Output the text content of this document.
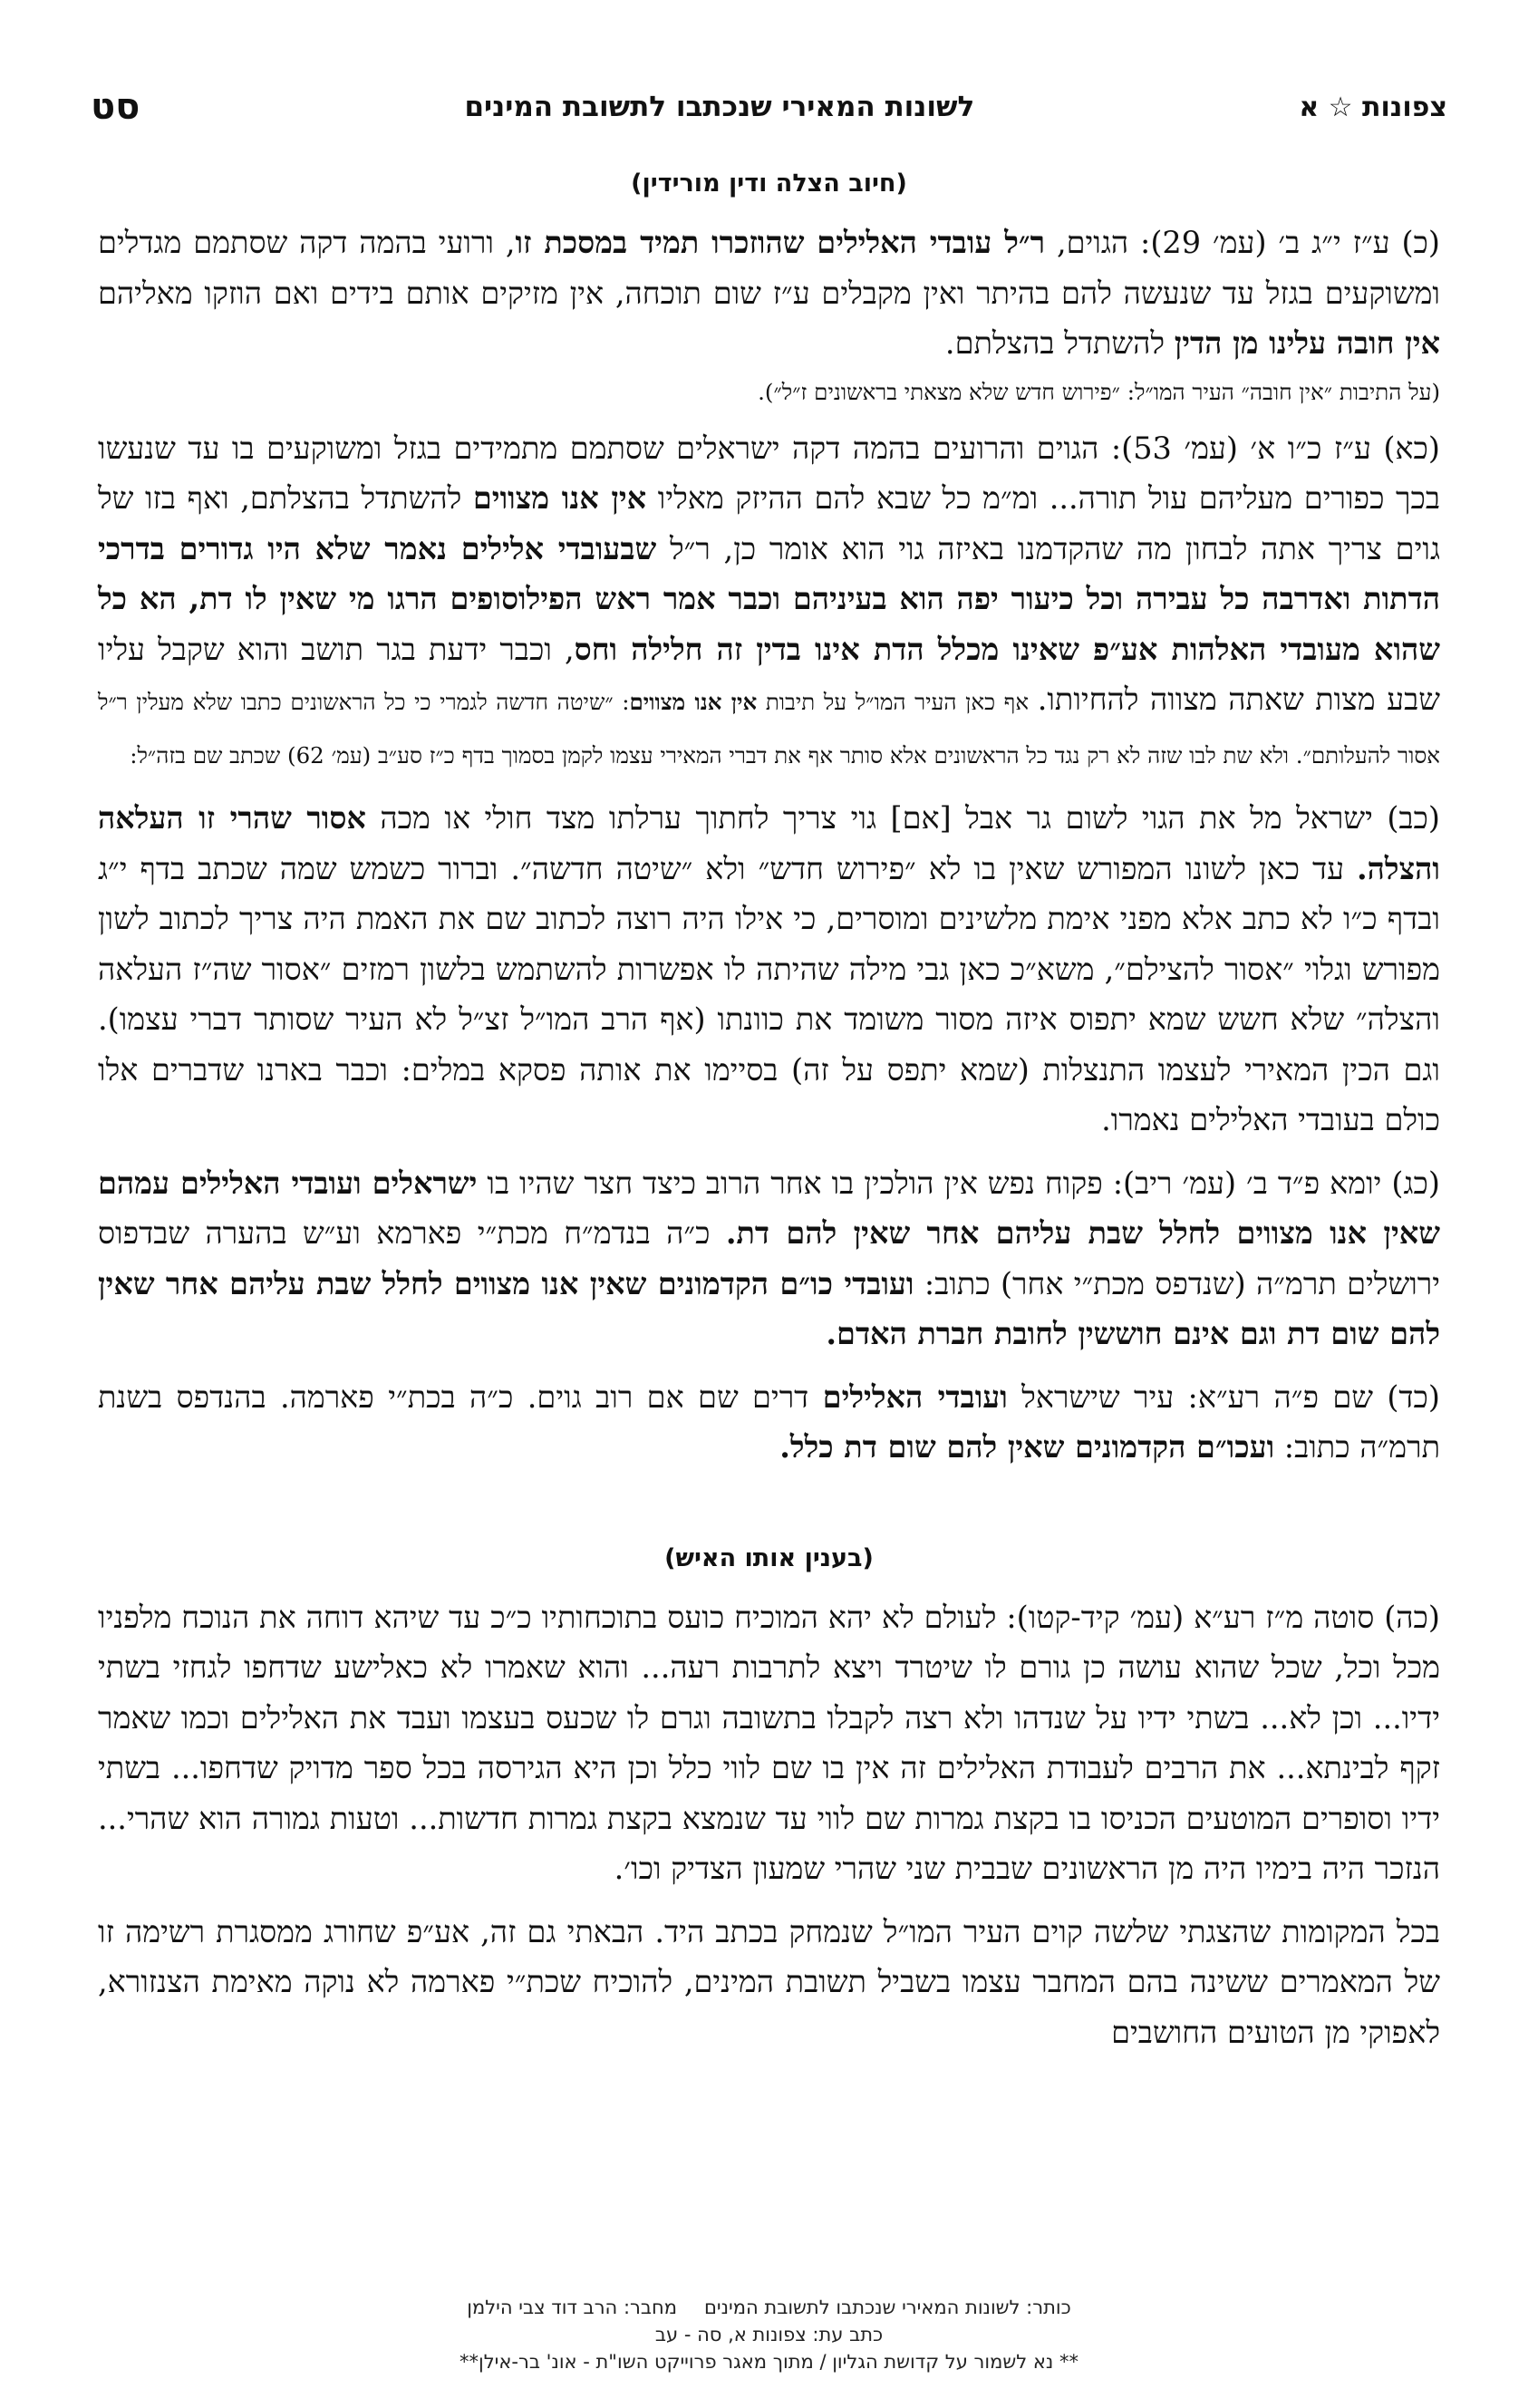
צפונות ☆ א
לשונות המאירי שנכתבו לתשובת המינים
סט
(חיוב הצלה ודין מורידין)

(כ) ע״ז י״ג ב׳ (עמ׳ 29): הגוים, ר״ל עובדי האלילים שהוזכרו תמיד במסכת זו, ורועי בהמה דקה שסתמם מגדלים ומשוקעים בגזל עד שנעשה להם בהיתר ואין מקבלים ע״ז שום תוכחה, אין מזיקים אותם בידים ואם הוזקו מאליהם אין חובה עלינו מן הדין להשתדל בהצלתם.

(על התיבות ״אין חובה״ העיר המו״ל: ״פירוש חדש שלא מצאתי בראשונים ז״ל״).

(כא) ע״ז כ״ו א׳ (עמ׳ 53): הגוים והרועים בהמה דקה ישראלים שסתמם מתמידים בגזל ומשוקעים בו עד שנעשו בכך כפורים מעליהם עול תורה... ומ״מ כל שבא להם ההיזק מאליו אין אנו מצווים להשתדל בהצלתם, ואף בזו של גוים צריך אתה לבחון מה שהקדמנו באיזה גוי הוא אומר כן, ר״ל שבעובדי אלילים נאמר שלא היו גדורים בדרכי הדתות ואדרבה כל עבירה וכל כיעור יפה הוא בעיניהם וכבר אמר ראש הפילוסופים הרגו מי שאין לו דת, הא כל שהוא מעובדי האלהות אע״פ שאינו מכלל הדת אינו בדין זה חלילה וחס, וכבר ידעת בגר תושב והוא שקבל עליו שבע מצות שאתה מצווה להחיותו. אף כאן העיר המו״ל על תיבות אין אנו מצווים: ״שיטה חדשה לגמרי כי כל הראשונים כתבו שלא מעלין ר״ל אסור להעלותם״. ולא שת לבו שזה לא רק נגד כל הראשונים אלא סותר אף את דברי המאירי עצמו לקמן בסמוך בדף כ״ז סע״ב (עמ׳ 62) שכתב שם בזה״ל:

(כב) ישראל מל את הגוי לשום גר אבל [אם] גוי צריך לחתוך ערלתו מצד חולי או מכה אסור שהרי זו העלאה והצלה. עד כאן לשונו המפורש שאין בו לא ״פירוש חדש״ ולא ״שיטה חדשה״. וברור כשמש שמה שכתב בדף י״ג ובדף כ״ו לא כתב אלא מפני אימת מלשינים ומוסרים, כי אילו היה רוצה לכתוב שם את האמת היה צריך לכתוב לשון מפורש וגלוי ״אסור להצילם״, משא״כ כאן גבי מילה שהיתה לו אפשרות להשתמש בלשון רמזים ״אסור שה״ז העלאה והצלה״ שלא חשש שמא יתפוס איזה מסור משומד את כוונתו (אף הרב המו״ל זצ״ל לא העיר שסותר דברי עצמו). וגם הכין המאירי לעצמו התנצלות (שמא יתפס על זה) בסיימו את אותה פסקא במלים: וכבר בארנו שדברים אלו כולם בעובדי האלילים נאמרו.

(כג) יומא פ״ד ב׳ (עמ׳ ריב): פקוח נפש אין הולכין בו אחר הרוב כיצד חצר שהיו בו ישראלים ועובדי האלילים עמהם שאין אנו מצווים לחלל שבת עליהם אחר שאין להם דת. כ״ה בנדמ״ח מכת״י פארמא וע״ש בהערה שבדפוס ירושלים תרמ״ה (שנדפס מכת״י אחר) כתוב: ועובדי כו״ם הקדמונים שאין אנו מצווים לחלל שבת עליהם אחר שאין להם שום דת וגם אינם חוששין לחובת חברת האדם.

(כד) שם פ״ה רע״א: עיר שישראל ועובדי האלילים דרים שם אם רוב גוים. כ״ה בכת״י פארמה. בהנדפס בשנת תרמ״ה כתוב: ועכו״ם הקדמונים שאין להם שום דת כלל.

(בענין אותו האיש)

(כה) סוטה מ״ז רע״א (עמ׳ קיד-קטו): לעולם לא יהא המוכיח כועס בתוכחותיו כ״כ עד שיהא דוחה את הנוכח מלפניו מכל וכל, שכל שהוא עושה כן גורם לו שיטרד ויצא לתרבות רעה... והוא שאמרו לא כאלישע שדחפו לגחזי בשתי ידיו... וכן לא... בשתי ידיו על שנדהו ולא רצה לקבלו בתשובה וגרם לו שכעס בעצמו ועבד את האלילים וכמו שאמר זקף לבינתא... את הרבים לעבודת האלילים זה אין בו שם לווי כלל וכן היא הגירסה בכל ספר מדויק שדחפו... בשתי ידיו וסופרים המוטעים הכניסו בו בקצת גמרות שם לווי עד שנמצא בקצת גמרות חדשות... וטעות גמורה הוא שהרי... הנזכר היה בימיו היה מן הראשונים שבבית שני שהרי שמעון הצדיק וכו׳.

בכל המקומות שהצגתי שלשה קוים העיר המו״ל שנמחק בכתב היד. הבאתי גם זה, אע״פ שחורג ממסגרת רשימה זו של המאמרים ששינה בהם המחבר עצמו בשביל תשובת המינים, להוכיח שכת״י פארמה לא נוקה מאימת הצנזורא, לאפוקי מן הטועים החושבים

כותר: לשונות המאירי שנכתבו לתשובת המיניםמחבר: הרב דוד צבי הילמן
כתב עת: צפונות א, סה - עב
** נא לשמור על קדושת הגליון / מתוך מאגר פרוייקט השו"ת - אונ' בר-אילן**
